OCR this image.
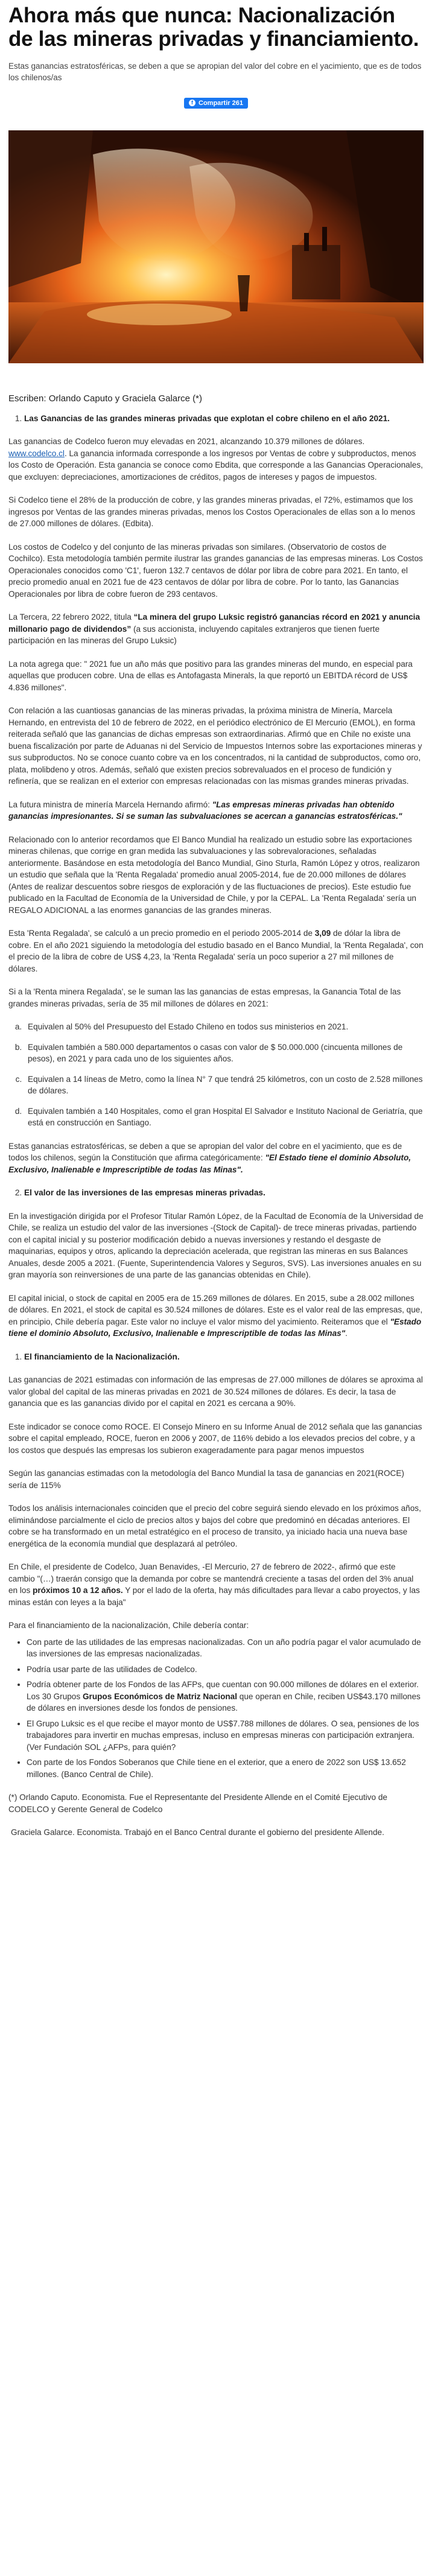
Ahora más que nunca: Nacionalización de las mineras privadas y financiamiento.

Estas ganancias estratosféricas, se deben a que se apropian del valor del cobre en el yacimiento, que es de todos los chilenos/as

f Compartir 261

Escriben: Orlando Caputo y Graciela Galarce (*)

1. Las Ganancias de las grandes mineras privadas que explotan el cobre chileno en el año 2021.

Las ganancias de Codelco fueron muy elevadas en 2021, alcanzando 10.379 millones de dólares. www.codelco.cl. La ganancia informada corresponde a los ingresos por Ventas de cobre y subproductos, menos los Costo de Operación. Esta ganancia se conoce como Ebdita, que corresponde a las Ganancias Operacionales, que excluyen: depreciaciones, amortizaciones de créditos, pagos de intereses y pagos de impuestos.

Si Codelco tiene el 28% de la producción de cobre, y las grandes mineras privadas, el 72%, estimamos que los ingresos por Ventas de las grandes mineras privadas, menos los Costos Operacionales de ellas son a lo menos de 27.000 millones de dólares. (Edbita).

Los costos de Codelco y del conjunto de las mineras privadas son similares. (Observatorio de costos de Cochilco). Esta metodología también permite ilustrar las grandes ganancias de las empresas mineras. Los Costos Operacionales conocidos como 'C1', fueron 132.7 centavos de dólar por libra de cobre para 2021. En tanto, el precio promedio anual en 2021 fue de 423 centavos de dólar por libra de cobre. Por lo tanto, las Ganancias Operacionales por libra de cobre fueron de 293 centavos.

La Tercera, 22 febrero 2022, titula “La minera del grupo Luksic registró ganancias récord en 2021 y anuncia millonario pago de dividendos” (a sus accionista, incluyendo capitales extranjeros que tienen fuerte participación en las mineras del Grupo Luksic)

La nota agrega que: " 2021 fue un año más que positivo para las grandes mineras del mundo, en especial para aquellas que producen cobre. Una de ellas es Antofagasta Minerals, la que reportó un EBITDA récord de US$ 4.836 millones".

Con relación a las cuantiosas ganancias de las mineras privadas, la próxima ministra de Minería, Marcela Hernando, en entrevista del 10 de febrero de 2022, en el periódico electrónico de El Mercurio (EMOL), en forma reiterada señaló que las ganancias de dichas empresas son extraordinarias. Afirmó que en Chile no existe una buena fiscalización por parte de Aduanas ni del Servicio de Impuestos Internos sobre las exportaciones mineras y sus subproductos. No se conoce cuanto cobre va en los concentrados, ni la cantidad de subproductos, como oro, plata, molibdeno y otros. Además, señaló que existen precios sobrevaluados en el proceso de fundición y refinería, que se realizan en el exterior con empresas relacionadas con las mismas grandes mineras privadas.

La futura ministra de minería Marcela Hernando afirmó: "Las empresas mineras privadas han obtenido ganancias impresionantes. Si se suman las subvaluaciones se acercan a ganancias estratosféricas."

Relacionado con lo anterior recordamos que El Banco Mundial ha realizado un estudio sobre las exportaciones mineras chilenas, que corrige en gran medida las subvaluaciones y las sobrevaloraciones, señaladas anteriormente. Basándose en esta metodología del Banco Mundial, Gino Sturla, Ramón López y otros, realizaron un estudio que señala que la 'Renta Regalada' promedio anual 2005-2014, fue de 20.000 millones de dólares (Antes de realizar descuentos sobre riesgos de exploración y de las fluctuaciones de precios). Este estudio fue publicado en la Facultad de Economía de la Universidad de Chile, y por la CEPAL. La 'Renta Regalada' sería un REGALO ADICIONAL a las enormes ganancias de las grandes mineras.

Esta 'Renta Regalada', se calculó a un precio promedio en el periodo 2005-2014 de 3,09 de dólar la libra de cobre. En el año 2021 siguiendo la metodología del estudio basado en el Banco Mundial, la 'Renta Regalada', con el precio de la libra de cobre de US$ 4,23, la 'Renta Regalada' sería un poco superior a 27 mil millones de dólares.

Si a la 'Renta minera Regalada', se le suman las las ganancias de estas empresas, la Ganancia Total de las grandes mineras privadas, sería de 35 mil millones de dólares en 2021:

a. Equivalen al 50% del Presupuesto del Estado Chileno en todos sus ministerios en 2021.
b. Equivalen también a 580.000 departamentos o casas con valor de $ 50.000.000 (cincuenta millones de pesos), en 2021 y para cada uno de los siguientes años.
c. Equivalen a 14 líneas de Metro, como la línea N° 7 que tendrá 25 kilómetros, con un costo de 2.528 millones de dólares.
d. Equivalen también a 140 Hospitales, como el gran Hospital El Salvador e Instituto Nacional de Geriatría, que está en construcción en Santiago.

Estas ganancias estratosféricas, se deben a que se apropian del valor del cobre en el yacimiento, que es de todos los chilenos, según la Constitución que afirma categóricamente: "El Estado tiene el dominio Absoluto, Exclusivo, Inalienable e Imprescriptible de todas las Minas".

2. El valor de las inversiones de las empresas mineras privadas.

En la investigación dirigida por el Profesor Titular Ramón López, de la Facultad de Economía de la Universidad de Chile, se realiza un estudio del valor de las inversiones -(Stock de Capital)- de trece mineras privadas, partiendo con el capital inicial y su posterior modificación debido a nuevas inversiones y restando el desgaste de maquinarias, equipos y otros, aplicando la depreciación acelerada, que registran las mineras en sus Balances Anuales, desde 2005 a 2021. (Fuente, Superintendencia Valores y Seguros, SVS). Las inversiones anuales en su gran mayoría son reinversiones de una parte de las ganancias obtenidas en Chile).

El capital inicial, o stock de capital en 2005 era de 15.269 millones de dólares. En 2015, sube a 28.002 millones de dólares. En 2021, el stock de capital es 30.524 millones de dólares. Este es el valor real de las empresas, que, en principio, Chile debería pagar. Este valor no incluye el valor mismo del yacimiento. Reiteramos que el "Estado tiene el dominio Absoluto, Exclusivo, Inalienable e Imprescriptible de todas las Minas".

1. El financiamiento de la Nacionalización.

Las ganancias de 2021 estimadas con información de las empresas de 27.000 millones de dólares se aproxima al valor global del capital de las mineras privadas en 2021 de 30.524 millones de dólares. Es decir, la tasa de ganancia que es las ganancias divido por el capital en 2021 es cercana a 90%.

Este indicador se conoce como ROCE. El Consejo Minero en su Informe Anual de 2012 señala que las ganancias sobre el capital empleado, ROCE, fueron en 2006 y 2007, de 116% debido a los elevados precios del cobre, y a los costos que después las empresas los subieron exageradamente para pagar menos impuestos

Según las ganancias estimadas con la metodología del Banco Mundial la tasa de ganancias en 2021(ROCE) sería de 115%

Todos los análisis internacionales coinciden que el precio del cobre seguirá siendo elevado en los próximos años, eliminándose parcialmente el ciclo de precios altos y bajos del cobre que predominó en décadas anteriores. El cobre se ha transformado en un metal estratégico en el proceso de transito, ya iniciado hacia una nueva base energética de la economía mundial que desplazará al petróleo.

En Chile, el presidente de Codelco, Juan Benavides, -El Mercurio, 27 de febrero de 2022-, afirmó que este cambio "(…) traerán consigo que la demanda por cobre se mantendrá creciente a tasas del orden del 3% anual en los próximos 10 a 12 años. Y por el lado de la oferta, hay más dificultades para llevar a cabo proyectos, y las minas están con leyes a la baja"

Para el financiamiento de la nacionalización, Chile debería contar:

• Con parte de las utilidades de las empresas nacionalizadas. Con un año podría pagar el valor acumulado de las inversiones de las empresas nacionalizadas.
• Podría usar parte de las utilidades de Codelco.
• Podría obtener parte de los Fondos de las AFPs, que cuentan con 90.000 millones de dólares en el exterior. Los 30 Grupos Grupos Económicos de Matriz Nacional que operan en Chile, reciben US$43.170 millones de dólares en inversiones desde los fondos de pensiones.
• El Grupo Luksic es el que recibe el mayor monto de US$7.788 millones de dólares. O sea, pensiones de los trabajadores para invertir en muchas empresas, incluso en empresas mineras con participación extranjera. (Ver Fundación SOL ¿AFPs, para quién?
• Con parte de los Fondos Soberanos que Chile tiene en el exterior, que a enero de 2022 son US$ 13.652 millones. (Banco Central de Chile).

(*) Orlando Caputo. Economista. Fue el Representante del Presidente Allende en el Comité Ejecutivo de CODELCO y Gerente General de Codelco

Graciela Galarce. Economista. Trabajó en el Banco Central durante el gobierno del presidente Allende.
